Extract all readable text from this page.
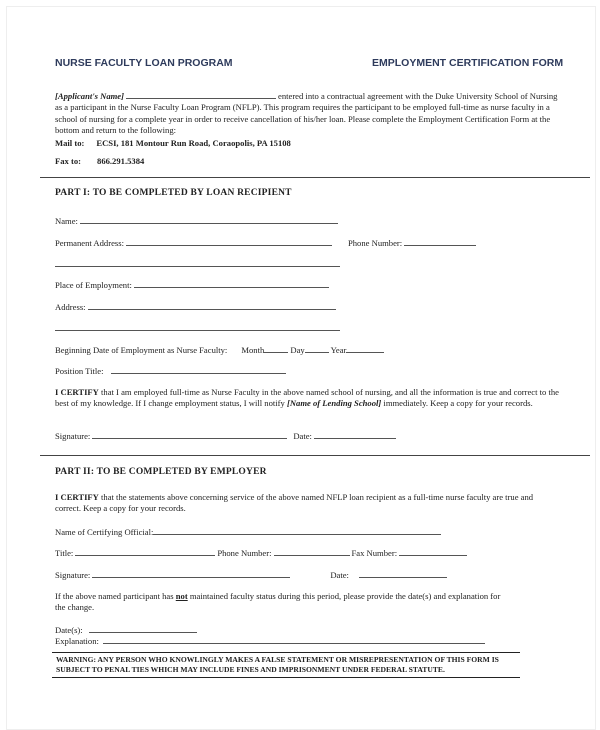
NURSE FACULTY LOAN PROGRAM	EMPLOYMENT CERTIFICATION FORM
[Applicant's Name]	entered into a contractual agreement with the Duke University School of Nursing as a participant in the Nurse Faculty Loan Program (NFLP). This program requires the participant to be employed full-time as nurse faculty in a school of nursing for a complete year in order to receive cancellation of his/her loan. Please complete the Employment Certification Form at the bottom and return to the following:
Mail to: ECSI, 181 Montour Run Road, Coraopolis, PA 15108
Fax to: 866.291.5384
PART I: TO BE COMPLETED BY LOAN RECIPIENT
Name:
Permanent Address:	Phone Number:
Place of Employment:
Address:
Beginning Date of Employment as Nurse Faculty: Month	Day	Year
Position Title:
I CERTIFY that I am employed full-time as Nurse Faculty in the above named school of nursing, and all the information is true and correct to the best of my knowledge. If I change employment status, I will notify [Name of Lending School] immediately. Keep a copy for your records.
Signature:	Date:
PART II: TO BE COMPLETED BY EMPLOYER
I CERTIFY that the statements above concerning service of the above named NFLP loan recipient as a full-time nurse faculty are true and correct. Keep a copy for your records.
Name of Certifying Official:
Title:	Phone Number:	Fax Number:
Signature:	Date:
If the above named participant has not maintained faculty status during this period, please provide the date(s) and explanation for the change.
Date(s):
Explanation:
WARNING: ANY PERSON WHO KNOWLINGLY MAKES A FALSE STATEMENT OR MISREPRESENTATION OF THIS FORM IS SUBJECT TO PENAL TIES WHICH MAY INCLUDE FINES AND IMPRISONMENT UNDER FEDERAL STATUTE.
